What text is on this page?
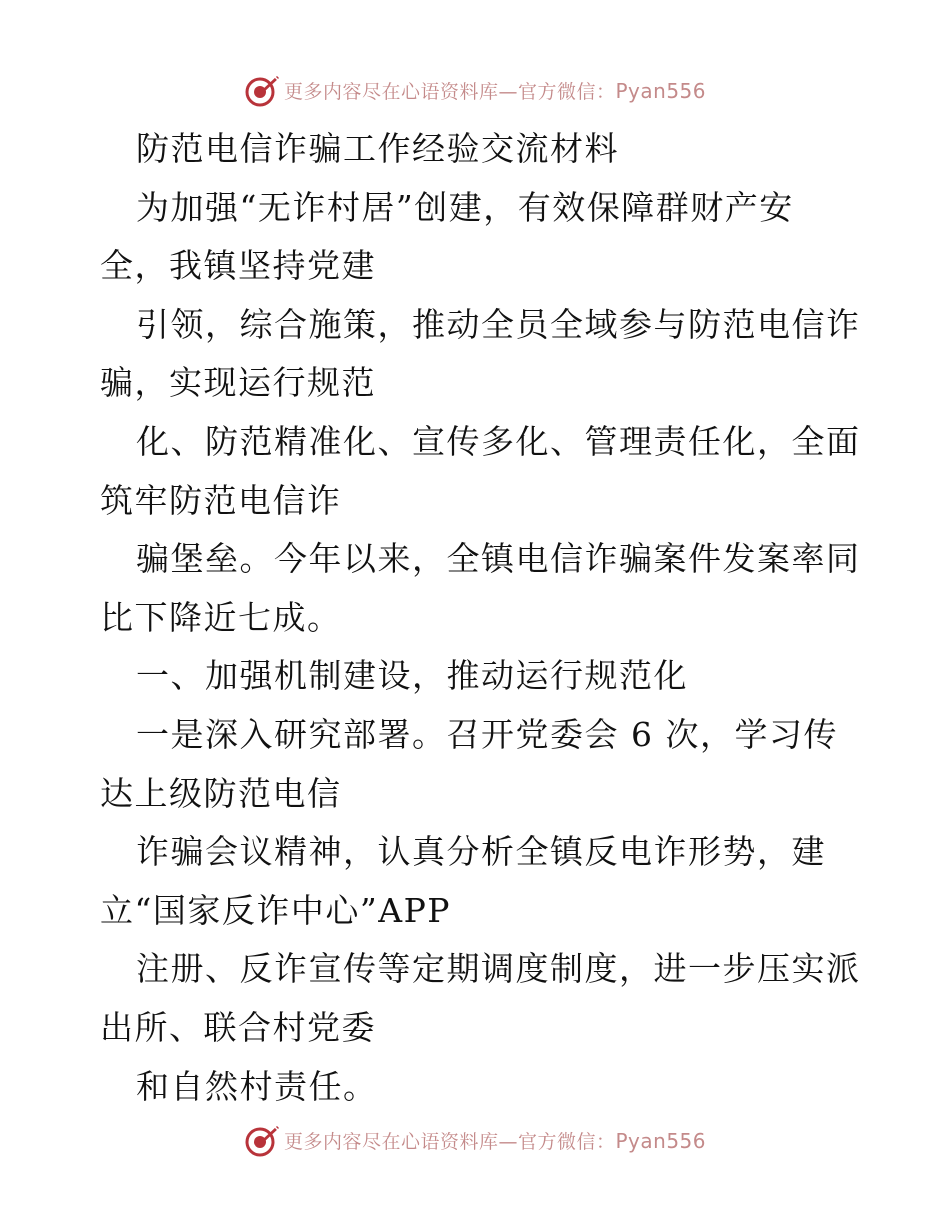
更多内容尽在心语资料库—官方微信：Pyan556
防范电信诈骗工作经验交流材料
为加强“无诈村居”创建，有效保障群财产安
全，我镇坚持党建
引领，综合施策，推动全员全域参与防范电信诈
骗，实现运行规范
化、防范精准化、宣传多化、管理责任化，全面
筑牢防范电信诈
骗堡垒。今年以来，全镇电信诈骗案件发案率同
比下降近七成。
一、加强机制建设，推动运行规范化
一是深入研究部署。召开党委会 6 次，学习传
达上级防范电信
诈骗会议精神，认真分析全镇反电诈形势，建
立“国家反诈中心”APP
注册、反诈宣传等定期调度制度，进一步压实派
出所、联合村党委
和自然村责任。
更多内容尽在心语资料库—官方微信：Pyan556
